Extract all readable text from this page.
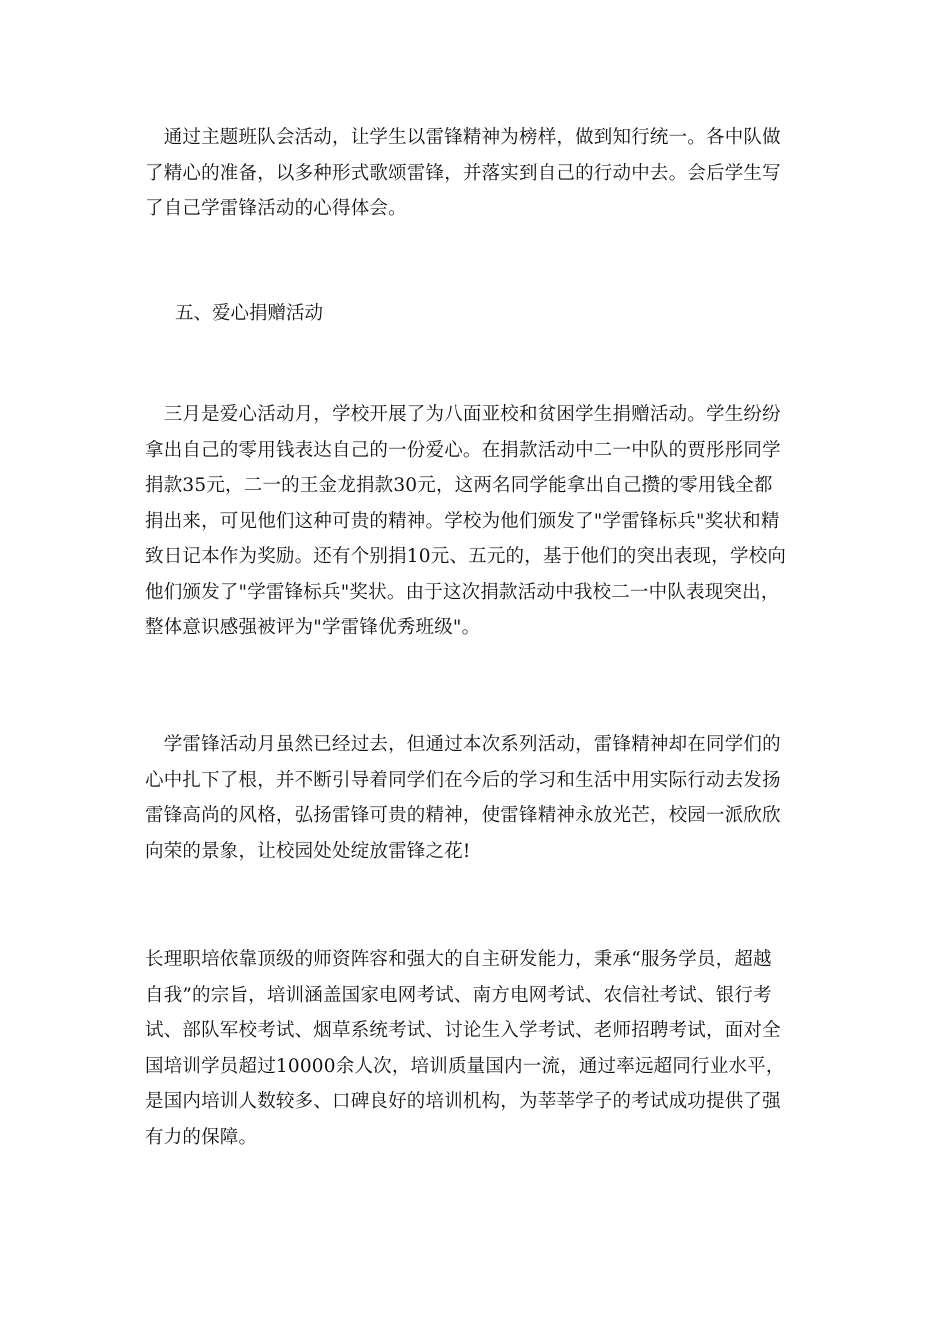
　通过主题班队会活动，让学生以雷锋精神为榜样，做到知行统一。各中队做
了精心的准备，以多种形式歌颂雷锋，并落实到自己的行动中去。会后学生写
了自己学雷锋活动的心得体会。
五、爱心捐赠活动
　三月是爱心活动月，学校开展了为八面亚校和贫困学生捐赠活动。学生纷纷
拿出自己的零用钱表达自己的一份爱心。在捐款活动中二一中队的贾彤彤同学
捐款35元，二一的王金龙捐款30元，这两名同学能拿出自己攒的零用钱全都
捐出来，可见他们这种可贵的精神。学校为他们颁发了"学雷锋标兵"奖状和精
致日记本作为奖励。还有个别捐10元、五元的，基于他们的突出表现，学校向
他们颁发了"学雷锋标兵"奖状。由于这次捐款活动中我校二一中队表现突出，
整体意识感强被评为"学雷锋优秀班级"。
　学雷锋活动月虽然已经过去，但通过本次系列活动，雷锋精神却在同学们的
心中扎下了根，并不断引导着同学们在今后的学习和生活中用实际行动去发扬
雷锋高尚的风格，弘扬雷锋可贵的精神，使雷锋精神永放光芒，校园一派欣欣
向荣的景象，让校园处处绽放雷锋之花!
长理职培依靠顶级的师资阵容和强大的自主研发能力，秉承“服务学员，超越
自我”的宗旨，培训涵盖国家电网考试、南方电网考试、农信社考试、银行考
试、部队军校考试、烟草系统考试、讨论生入学考试、老师招聘考试，面对全
国培训学员超过10000余人次，培训质量国内一流，通过率远超同行业水平，
是国内培训人数较多、口碑良好的培训机构，为莘莘学子的考试成功提供了强
有力的保障。
